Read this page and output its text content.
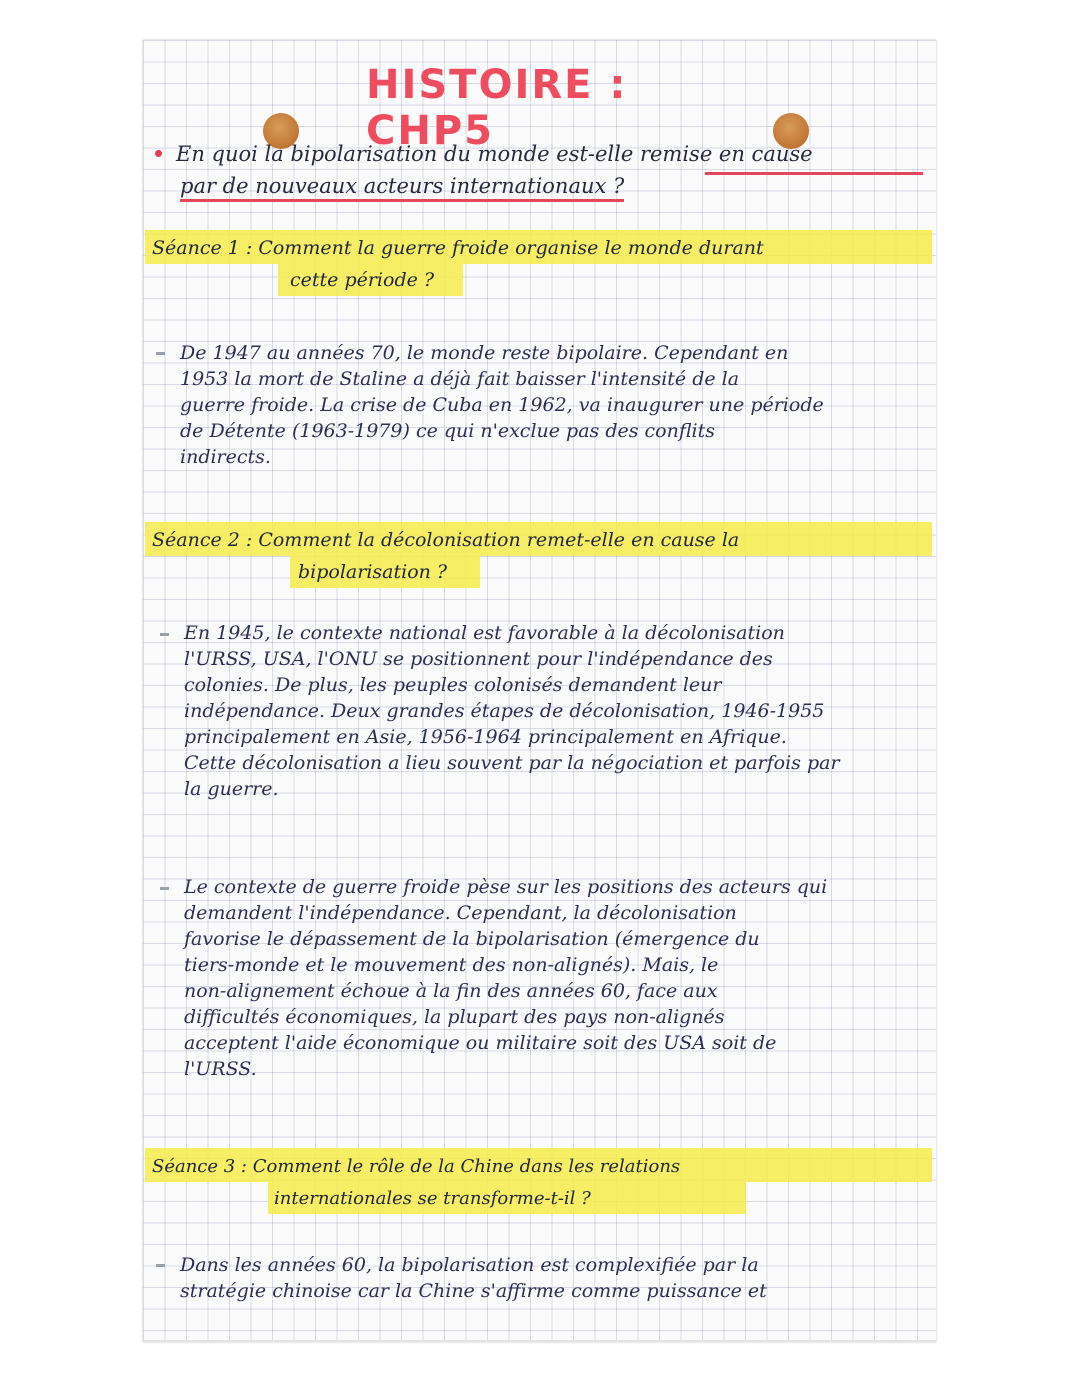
HISTOIRE : CHP5
En quoi la bipolarisation du monde est-elle remise en cause
par de nouveaux acteurs internationaux ?
Séance 1 : Comment la guerre froide organise le monde durant
cette période ?
De 1947 au années 70, le monde reste bipolaire. Cependant en
1953 la mort de Staline a déjà fait baisser l'intensité de la
guerre froide. La crise de Cuba en 1962, va inaugurer une période
de Détente (1963-1979) ce qui n'exclue pas des conflits
indirects.
Séance 2 : Comment la décolonisation remet-elle en cause la
bipolarisation ?
En 1945, le contexte national est favorable à la décolonisation
l'URSS, USA, l'ONU se positionnent pour l'indépendance des
colonies. De plus, les peuples colonisés demandent leur
indépendance. Deux grandes étapes de décolonisation, 1946-1955
principalement en Asie, 1956-1964 principalement en Afrique.
Cette décolonisation a lieu souvent par la négociation et parfois par
la guerre.
Le contexte de guerre froide pèse sur les positions des acteurs qui
demandent l'indépendance. Cependant, la décolonisation
favorise le dépassement de la bipolarisation (émergence du
tiers-monde et le mouvement des non-alignés). Mais, le
non-alignement échoue à la fin des années 60, face aux
difficultés économiques, la plupart des pays non-alignés
acceptent l'aide économique ou militaire soit des USA soit de
l'URSS.
Séance 3 : Comment le rôle de la Chine dans les relations
internationales se transforme-t-il ?
Dans les années 60, la bipolarisation est complexifiée par la
stratégie chinoise car la Chine s'affirme comme puissance et
